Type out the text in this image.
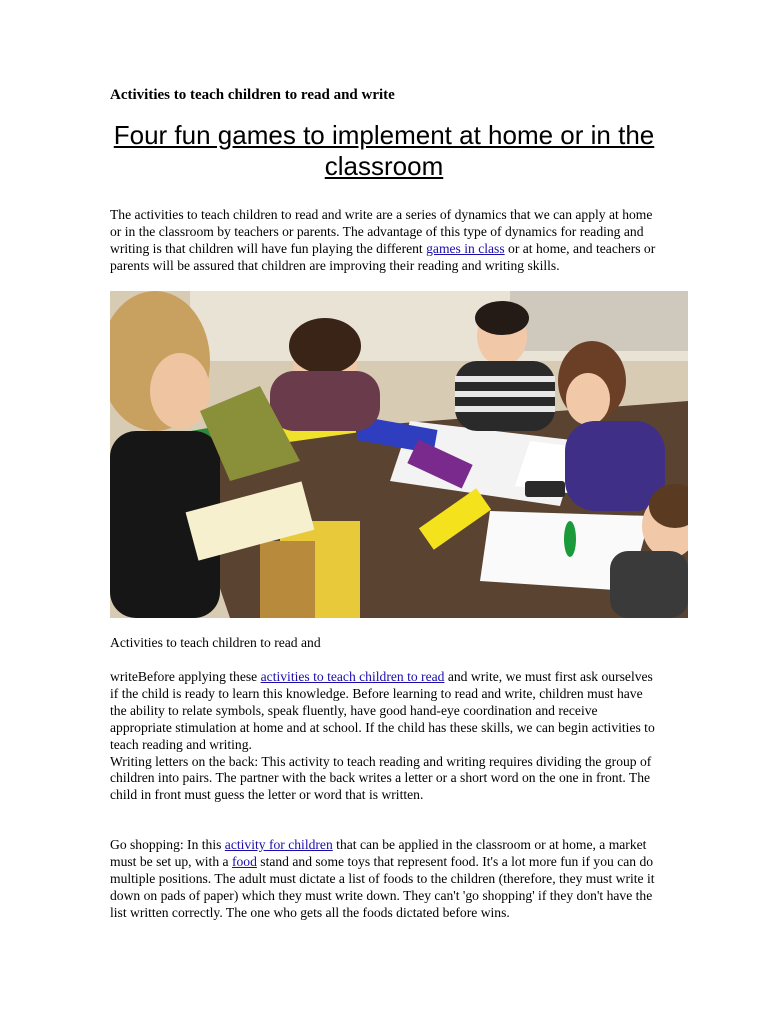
Activities to teach children to read and write
Four fun games to implement at home or in the classroom

The activities to teach children to read and write are a series of dynamics that we can apply at home or in the classroom by teachers or parents. The advantage of this type of dynamics for reading and writing is that children will have fun playing the different games in class or at home, and teachers or parents will be assured that children are improving their reading and writing skills.

Activities to teach children to read and

writeBefore applying these activities to teach children to read and write, we must first ask ourselves if the child is ready to learn this knowledge. Before learning to read and write, children must have the ability to relate symbols, speak fluently, have good hand-eye coordination and receive appropriate stimulation at home and at school. If the child has these skills, we can begin activities to teach reading and writing.
Writing letters on the back: This activity to teach reading and writing requires dividing the group of children into pairs. The partner with the back writes a letter or a short word on the one in front. The child in front must guess the letter or word that is written.

Go shopping: In this activity for children that can be applied in the classroom or at home, a market must be set up, with a food stand and some toys that represent food. It's a lot more fun if you can do multiple positions. The adult must dictate a list of foods to the children (therefore, they must write it down on pads of paper) which they must write down. They can't 'go shopping' if they don't have the list written correctly. The one who gets all the foods dictated before wins.
